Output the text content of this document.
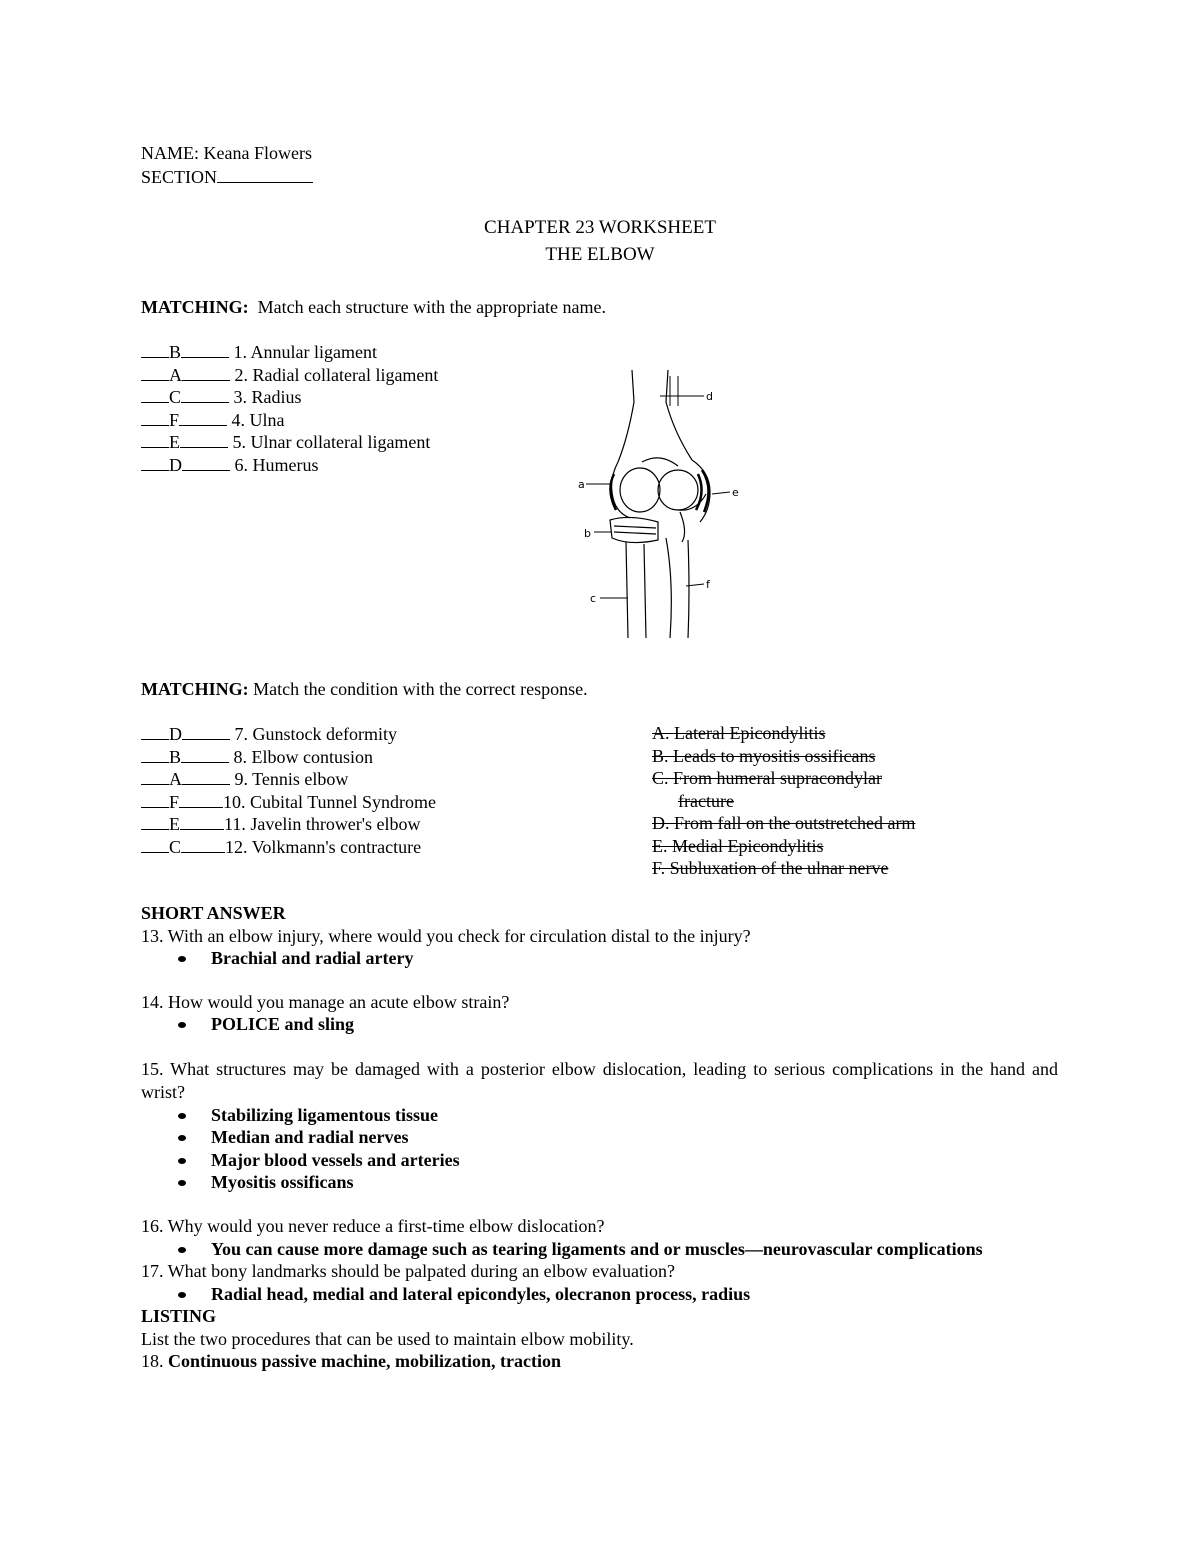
NAME: Keana Flowers
SECTION
CHAPTER 23 WORKSHEET
THE ELBOW
MATCHING: Match each structure with the appropriate name.
B	1. Annular ligament
A	2. Radial collateral ligament
C	3. Radius
F	4. Ulna
E	5. Ulnar collateral ligament
D	6. Humerus
a
b
c
d
e
f
MATCHING: Match the condition with the correct response.
D	7. Gunstock deformity
B	8. Elbow contusion
A	9. Tennis elbow
F 10. Cubital Tunnel Syndrome
E 11. Javelin thrower's elbow
C 12. Volkmann's contracture
A. Lateral Epicondylitis
B. Leads to myositis ossificans
C. From humeral supracondylar
fracture
D. From fall on the outstretched arm
E. Medial Epicondylitis
F. Subluxation of the ulnar nerve
SHORT ANSWER
13. With an elbow injury, where would you check for circulation distal to the injury?
Brachial and radial artery
14. How would you manage an acute elbow strain?
POLICE and sling
15. What structures may be damaged with a posterior elbow dislocation, leading to serious complications in the hand and wrist?
Stabilizing ligamentous tissue
Median and radial nerves
Major blood vessels and arteries
Myositis ossificans
16. Why would you never reduce a first-time elbow dislocation?
You can cause more damage such as tearing ligaments and or muscles—neurovascular complications
17. What bony landmarks should be palpated during an elbow evaluation?
Radial head, medial and lateral epicondyles, olecranon process, radius
LISTING
List the two procedures that can be used to maintain elbow mobility.
18. Continuous passive machine, mobilization, traction
